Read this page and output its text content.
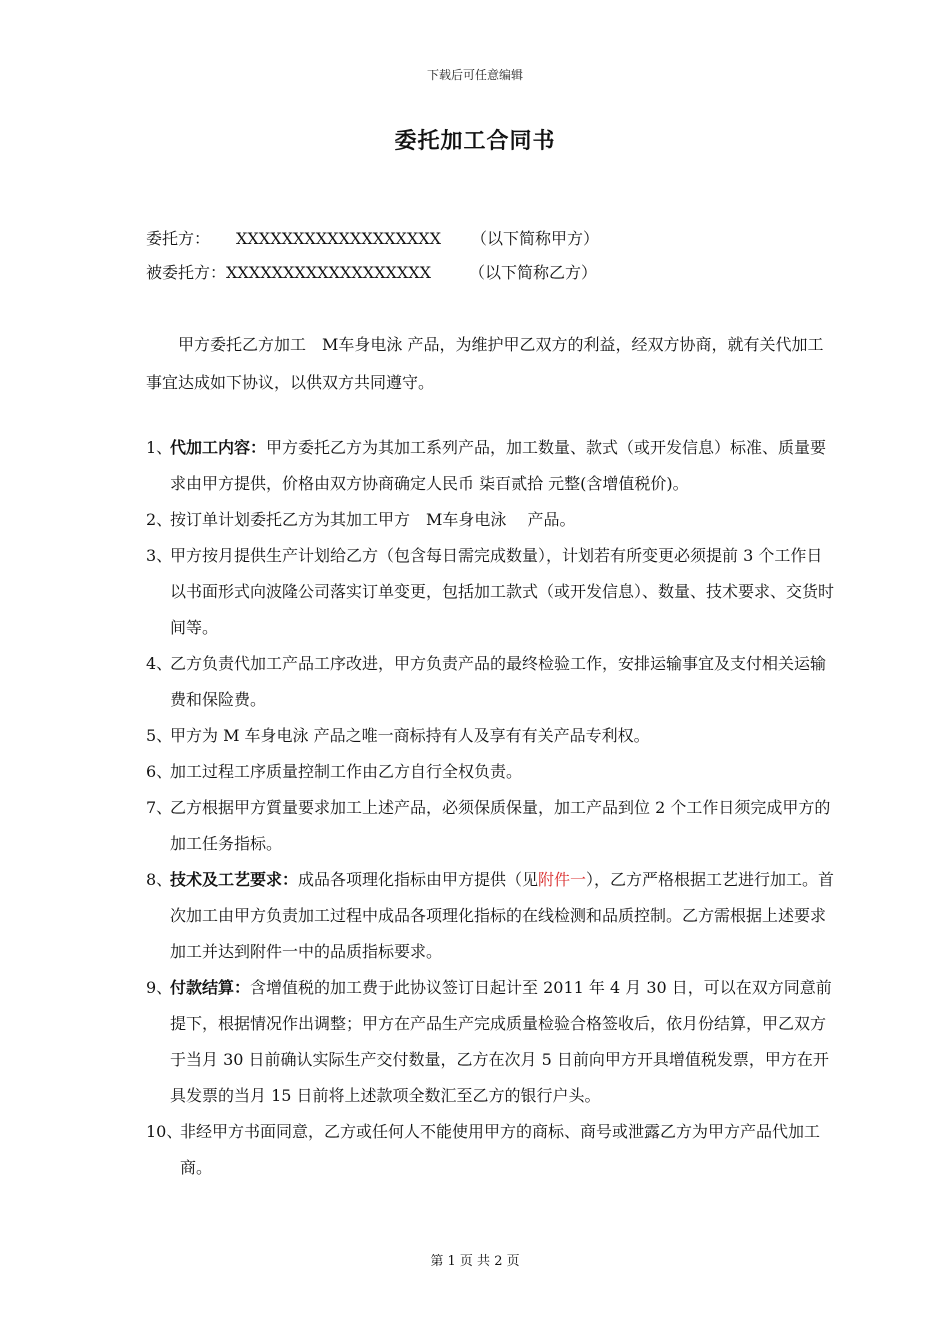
下载后可任意编辑
委托加工合同书
委托方： XXXXXXXXXXXXXXXXXX （以下简称甲方）
被委托方：XXXXXXXXXXXXXXXXXX （以下简称乙方）
甲方委托乙方加工　M车身电泳 产品，为维护甲乙双方的利益，经双方协商，就有关代加工事宜达成如下协议，以供双方共同遵守。
1、
代加工内容：甲方委托乙方为其加工系列产品，加工数量、款式（或开发信息）标准、质量要求由甲方提供，价格由双方协商确定人民币 柒百贰拾 元整(含增值税价)。
2、
按订单计划委托乙方为其加工甲方　M车身电泳　 产品。
3、
甲方按月提供生产计划给乙方（包含每日需完成数量），计划若有所变更必须提前 3 个工作日以书面形式向波隆公司落实订单变更，包括加工款式（或开发信息）、数量、技术要求、交货时间等。
4、
乙方负责代加工产品工序改进，甲方负责产品的最终检验工作，安排运输事宜及支付相关运输费和保险费。
5、
甲方为 M 车身电泳 产品之唯一商标持有人及享有有关产品专利权。
6、
加工过程工序质量控制工作由乙方自行全权负责。
7、
乙方根据甲方質量要求加工上述产品，必须保质保量，加工产品到位 2 个工作日须完成甲方的加工任务指标。
8、
技术及工艺要求：成品各项理化指标由甲方提供（见附件一），乙方严格根据工艺进行加工。首次加工由甲方负责加工过程中成品各项理化指标的在线检测和品质控制。乙方需根据上述要求加工并达到附件一中的品质指标要求。
9、
付款结算：含增值税的加工费于此协议签订日起计至 2011 年 4 月 30 日，可以在双方同意前提下，根据情况作出调整；甲方在产品生产完成质量检验合格签收后，依月份结算，甲乙双方于当月 30 日前确认实际生产交付数量，乙方在次月 5 日前向甲方开具增值税发票，甲方在开具发票的当月 15 日前将上述款项全数汇至乙方的银行户头。
10、
非经甲方书面同意，乙方或任何人不能使用甲方的商标、商号或泄露乙方为甲方产品代加工商。
第 1 页 共 2 页
